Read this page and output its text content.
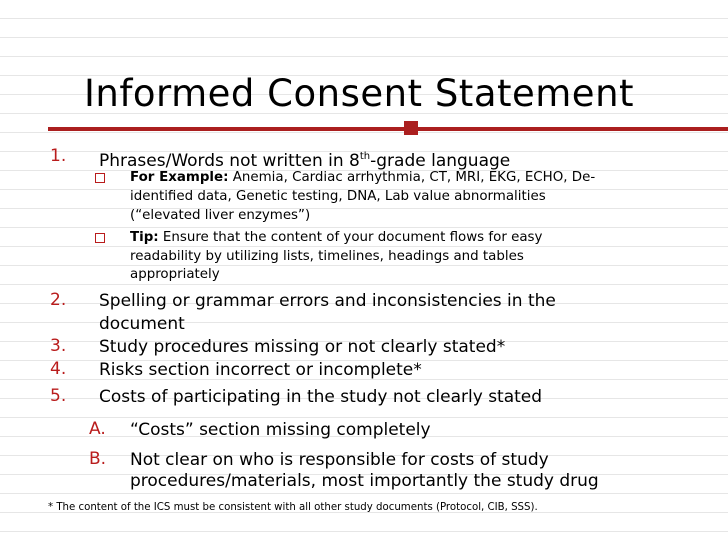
Informed Consent Statement
1. Phrases/Words not written in 8th-grade language
For Example: Anemia, Cardiac arrhythmia, CT, MRI, EKG, ECHO, De-
identified data, Genetic testing, DNA, Lab value abnormalities
(“elevated liver enzymes”)
Tip: Ensure that the content of your document flows for easy
readability by utilizing lists, timelines, headings and tables
appropriately
2. Spelling or grammar errors and inconsistencies in the
document
3. Study procedures missing or not clearly stated*
4. Risks section incorrect or incomplete*
5. Costs of participating in the study not clearly stated
A. “Costs” section missing completely
B. Not clear on who is responsible for costs of study
procedures/materials, most importantly the study drug
* The content of the ICS must be consistent with all other study documents (Protocol, CIB, SSS).
